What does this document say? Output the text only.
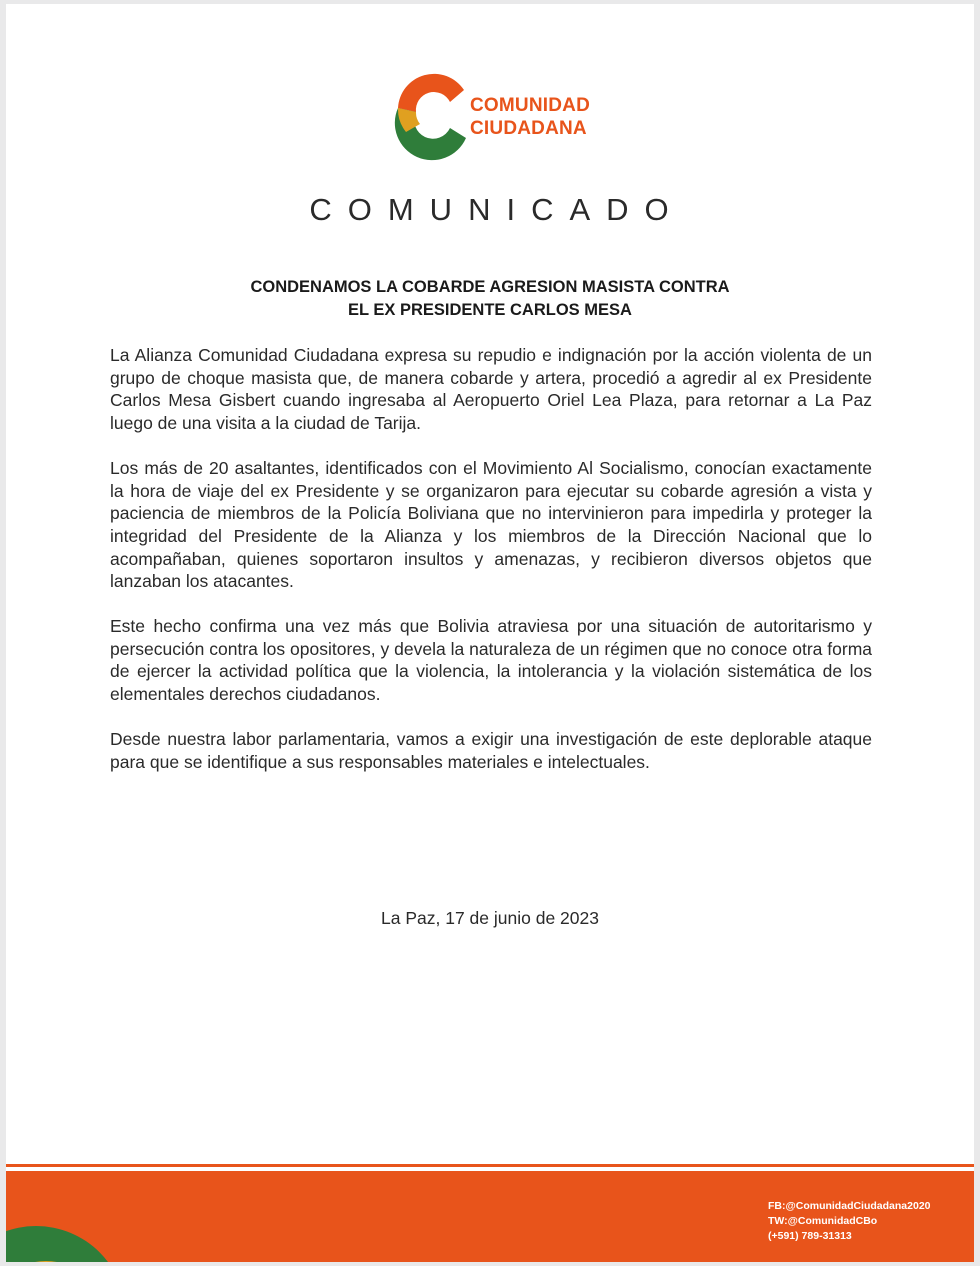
COMUNIDAD
CIUDADANA
COMUNICADO
CONDENAMOS LA COBARDE AGRESION MASISTA CONTRA
EL EX PRESIDENTE CARLOS MESA

La Alianza Comunidad Ciudadana expresa su repudio e indignación por la acción violenta de un grupo de choque masista que, de manera cobarde y artera, procedió a agredir al ex Presidente Carlos Mesa Gisbert cuando ingresaba al Aeropuerto Oriel Lea Plaza, para retornar a La Paz luego de una visita a la ciudad de Tarija.

Los más de 20 asaltantes, identificados con el Movimiento Al Socialismo, conocían exactamente la hora de viaje del ex Presidente y se organizaron para ejecutar su cobarde agresión a vista y paciencia de miembros de la Policía Boliviana que no intervinieron para impedirla y proteger la integridad del Presidente de la Alianza y los miembros de la Dirección Nacional que lo acompañaban, quienes soportaron insultos y amenazas, y recibieron diversos objetos que lanzaban los atacantes.

Este hecho confirma una vez más que Bolivia atraviesa por una situación de autoritarismo y persecución contra los opositores, y devela la naturaleza de un régimen que no conoce otra forma de ejercer la actividad política que la violencia, la intolerancia y la violación sistemática de los elementales derechos ciudadanos.

Desde nuestra labor parlamentaria, vamos a exigir una investigación de este deplorable ataque para que se identifique a sus responsables materiales e intelectuales.

La Paz, 17 de junio de 2023
FB:@ComunidadCiudadana2020
TW:@ComunidadCBo
(+591) 789-31313
